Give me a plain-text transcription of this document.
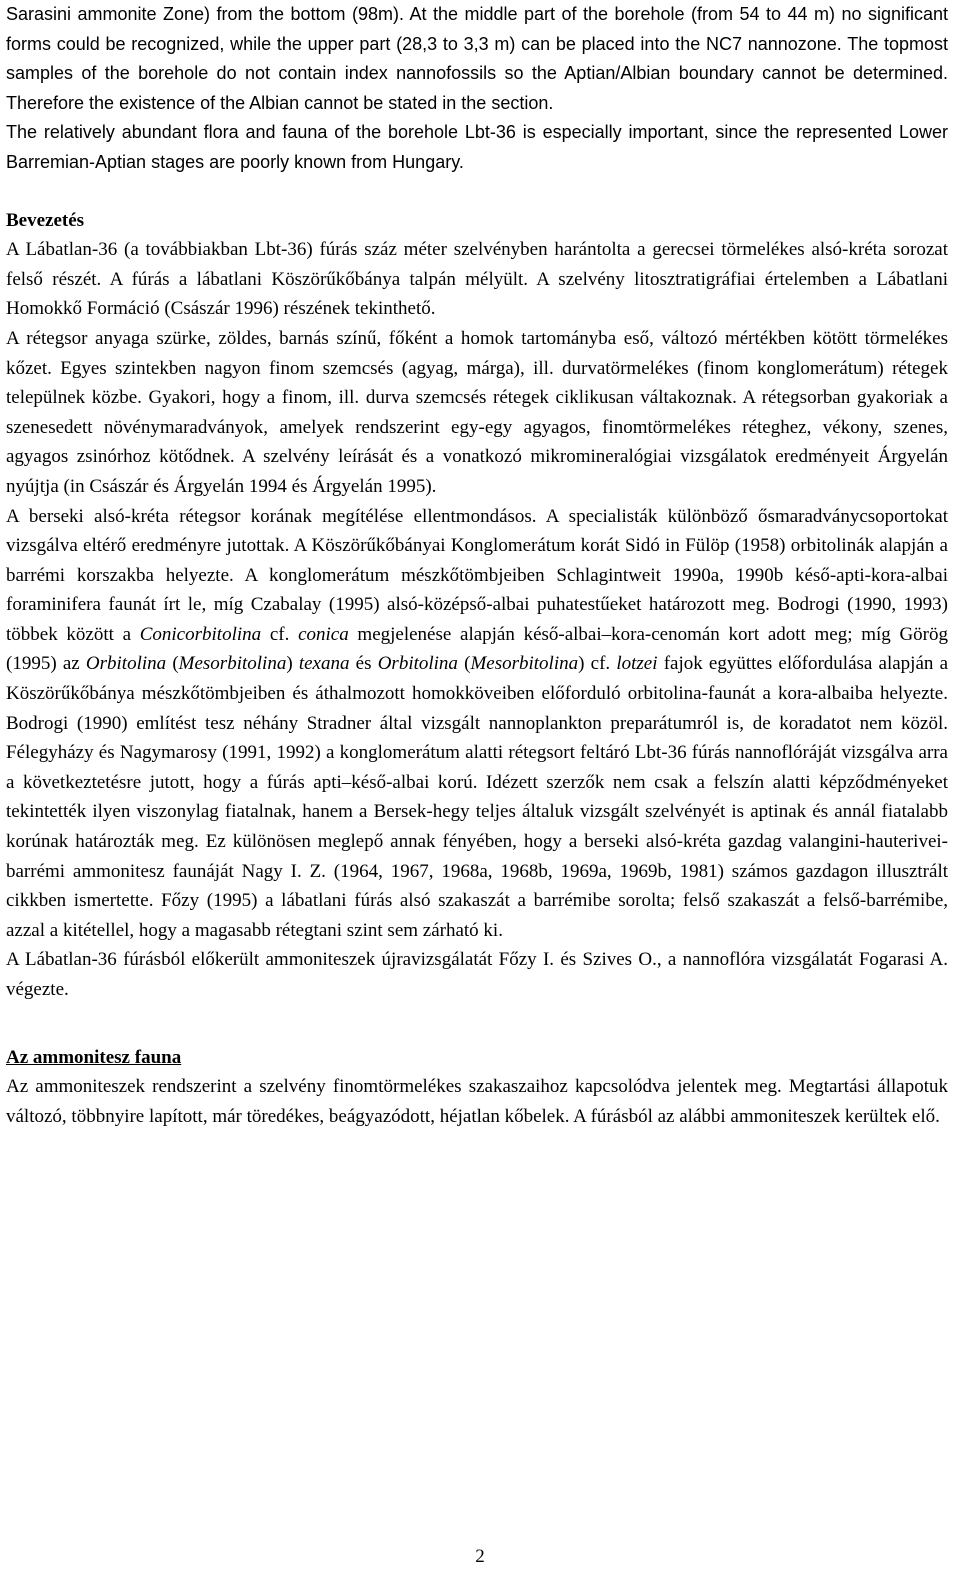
Sarasini ammonite Zone) from the bottom (98m). At the middle part of the borehole (from 54 to 44 m) no significant forms could be recognized, while the upper part (28,3 to 3,3 m) can be placed into the NC7 nannozone. The topmost samples of the borehole do not contain index nannofossils so the Aptian/Albian boundary cannot be determined. Therefore the existence of the Albian cannot be stated in the section.

The relatively abundant flora and fauna of the borehole Lbt-36 is especially important, since the represented Lower Barremian-Aptian stages are poorly known from Hungary.

Bevezetés

A Lábatlan-36 (a továbbiakban Lbt-36) fúrás száz méter szelvényben harántolta a gerecsei törmelékes alsó-kréta sorozat felső részét. A fúrás a lábatlani Köszörűkőbánya talpán mélyült. A szelvény litosztratigráfiai értelemben a Lábatlani Homokkő Formáció (Császár 1996) részének tekinthető.

A rétegsor anyaga szürke, zöldes, barnás színű, főként a homok tartományba eső, változó mértékben kötött törmelékes kőzet. Egyes szintekben nagyon finom szemcsés (agyag, márga), ill. durvatörmelékes (finom konglomerátum) rétegek települnek közbe. Gyakori, hogy a finom, ill. durva szemcsés rétegek ciklikusan váltakoznak. A rétegsorban gyakoriak a szenesedett növénymaradványok, amelyek rendszerint egy-egy agyagos, finomtörmelékes réteghez, vékony, szenes, agyagos zsinórhoz kötődnek. A szelvény leírását és a vonatkozó mikromineralógiai vizsgálatok eredményeit Árgyelán nyújtja (in Császár és Árgyelán 1994 és Árgyelán 1995).

A berseki alsó-kréta rétegsor korának megítélése ellentmondásos. A specialisták különböző ősmaradványcsoportokat vizsgálva eltérő eredményre jutottak. A Köszörűkőbányai Konglomerátum korát Sidó in Fülöp (1958) orbitolinák alapján a barrémi korszakba helyezte. A konglomerátum mészkőtömbjeiben Schlagintweit 1990a, 1990b késő-apti-kora-albai foraminifera faunát írt le, míg Czabalay (1995) alsó-középső-albai puhatestűeket határozott meg. Bodrogi (1990, 1993) többek között a Conicorbitolina cf. conica megjelenése alapján késő-albai–kora-cenomán kort adott meg; míg Görög (1995) az Orbitolina (Mesorbitolina) texana és Orbitolina (Mesorbitolina) cf. lotzei fajok együttes előfordulása alapján a Köszörűkőbánya mészkőtömbjeiben és áthalmozott homokköveiben előforduló orbitolina-faunát a kora-albaiba helyezte. Bodrogi (1990) említést tesz néhány Stradner által vizsgált nannoplankton preparátumról is, de koradatot nem közöl. Félegyházy és Nagymarosy (1991, 1992) a konglomerátum alatti rétegsort feltáró Lbt-36 fúrás nannoflóráját vizsgálva arra a következtetésre jutott, hogy a fúrás apti–késő-albai korú. Idézett szerzők nem csak a felszín alatti képződményeket tekintették ilyen viszonylag fiatalnak, hanem a Bersek-hegy teljes általuk vizsgált szelvényét is aptinak és annál fiatalabb korúnak határozták meg. Ez különösen meglepő annak fényében, hogy a berseki alsó-kréta gazdag valangini-hauterivei-barrémi ammonitesz faunáját Nagy I. Z. (1964, 1967, 1968a, 1968b, 1969a, 1969b, 1981) számos gazdagon illusztrált cikkben ismertette. Főzy (1995) a lábatlani fúrás alsó szakaszát a barrémibe sorolta; felső szakaszát a felső-barrémibe, azzal a kitétellel, hogy a magasabb rétegtani szint sem zárható ki.

A Lábatlan-36 fúrásból előkerült ammoniteszek újravizsgálatát Főzy I. és Szives O., a nannoflóra vizsgálatát Fogarasi A. végezte.

Az ammonitesz fauna

Az ammoniteszek rendszerint a szelvény finomtörmelékes szakaszaihoz kapcsolódva jelentek meg. Megtartási állapotuk változó, többnyire lapított, már töredékes, beágyazódott, héjatlan kőbelek. A fúrásból az alábbi ammoniteszek kerültek elő.

2
